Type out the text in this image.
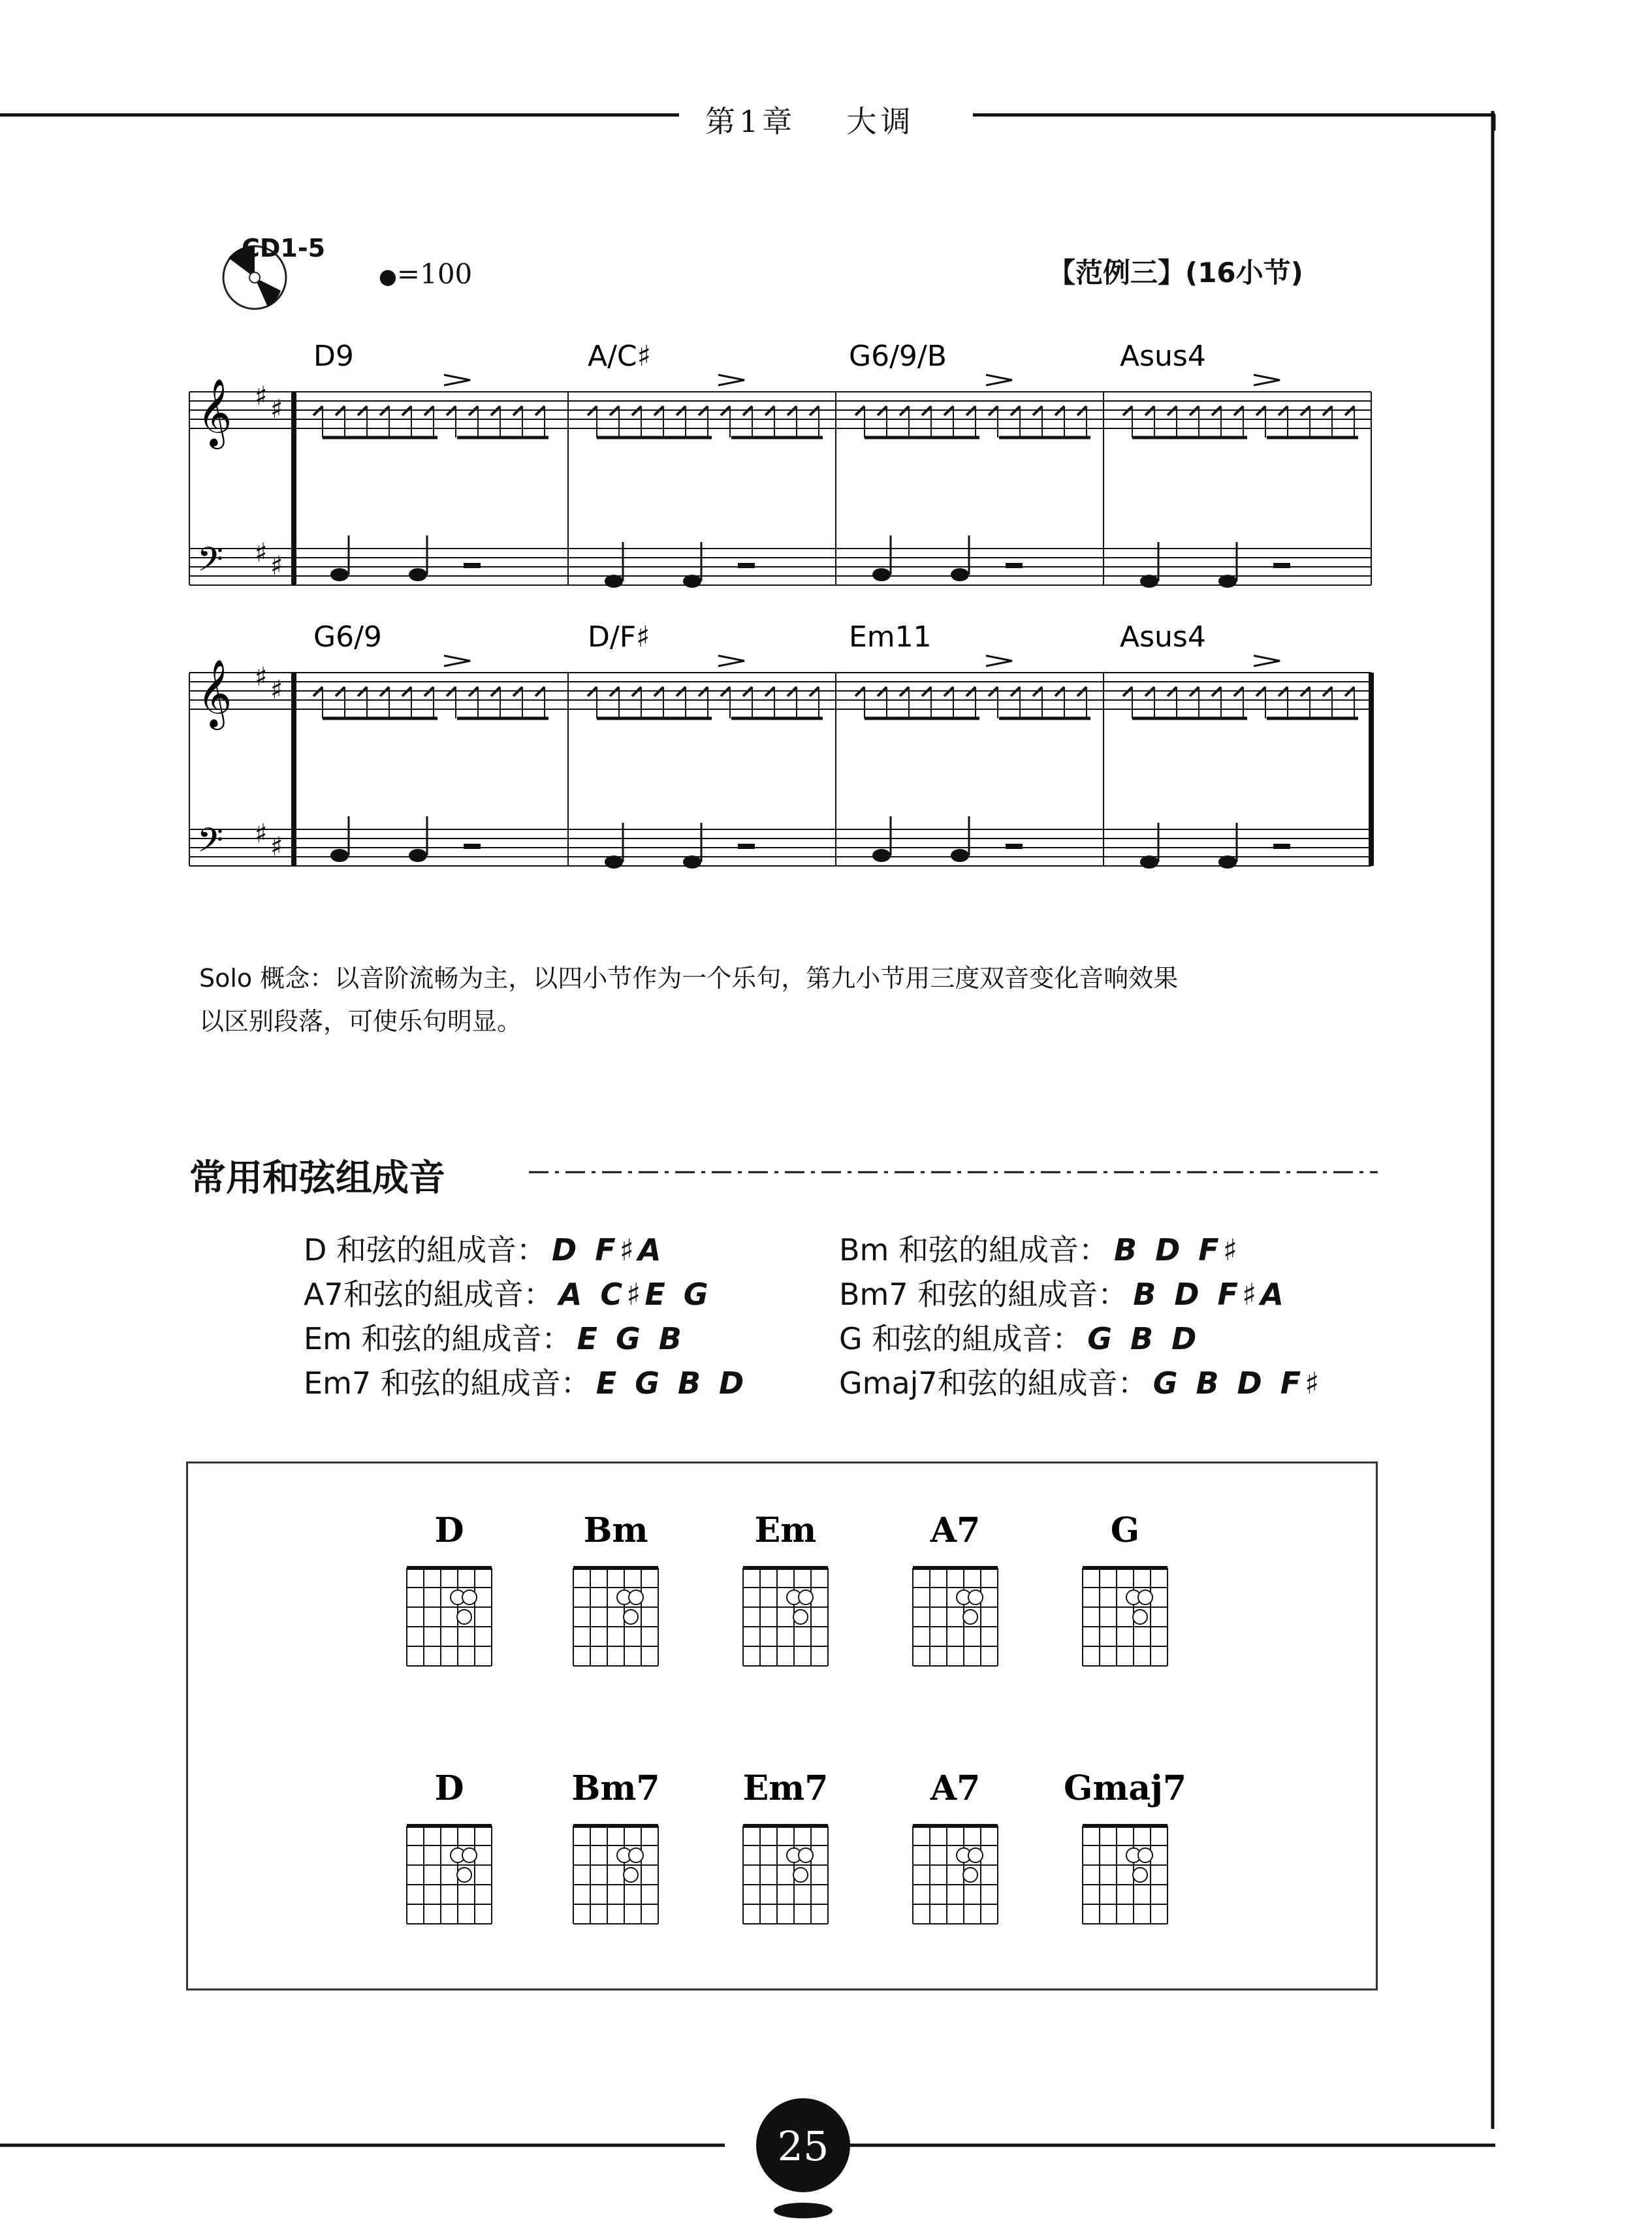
第1章 大调
CD1-5
●=100	【范例三】(16小节)
D9	A/C♯	G6/9/B	Asus4
𝄞
𝄢
♯ ♯
♯ ♯
G6/9	D/F♯	Em11	Asus4
𝄞
𝄢
♯ ♯
♯ ♯
Solo 概念：以音阶流畅为主，以四小节作为一个乐句，第九小节用三度双音变化音响效果
以区别段落，可使乐句明显。
常用和弦组成音
D 和弦的組成音： D F♯A
A7和弦的組成音： A C♯E G
Em 和弦的組成音： E G B
Em7 和弦的組成音： E G B D
Bm 和弦的組成音： B D F♯
Bm7 和弦的組成音： B D F♯A
G 和弦的組成音： G B D
Gmaj7和弦的組成音： G B D F♯
D	Bm	Em	A7	G
D	Bm7 Em7	A7 Gmaj7
25
